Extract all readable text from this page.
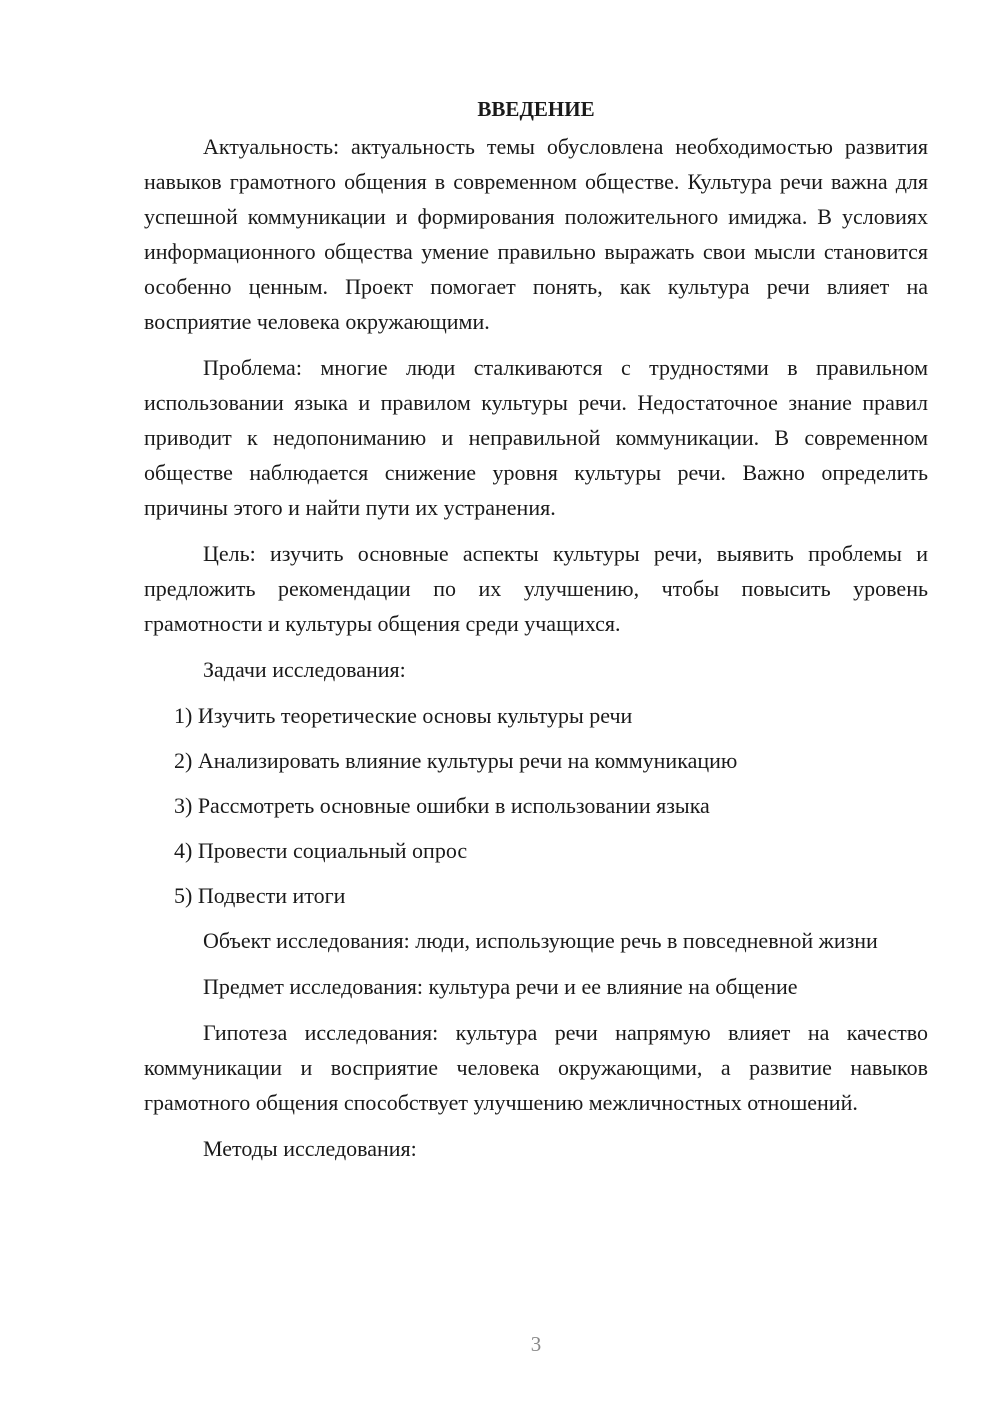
ВВЕДЕНИЕ

Актуальность: актуальность темы обусловлена необходимостью развития навыков грамотного общения в современном обществе. Культура речи важна для успешной коммуникации и формирования положительного имиджа. В условиях информационного общества умение правильно выражать свои мысли становится особенно ценным. Проект помогает понять, как культура речи влияет на восприятие человека окружающими.

Проблема: многие люди сталкиваются с трудностями в правильном использовании языка и правилом культуры речи. Недостаточное знание правил приводит к недопониманию и неправильной коммуникации. В современном обществе наблюдается снижение уровня культуры речи. Важно определить причины этого и найти пути их устранения.

Цель: изучить основные аспекты культуры речи, выявить проблемы и предложить рекомендации по их улучшению, чтобы повысить уровень грамотности и культуры общения среди учащихся.

Задачи исследования:
1) Изучить теоретические основы культуры речи
2) Анализировать влияние культуры речи на коммуникацию
3) Рассмотреть основные ошибки в использовании языка
4) Провести социальный опрос
5) Подвести итоги

Объект исследования: люди, использующие речь в повседневной жизни

Предмет исследования: культура речи и ее влияние на общение

Гипотеза исследования: культура речи напрямую влияет на качество коммуникации и восприятие человека окружающими, а развитие навыков грамотного общения способствует улучшению межличностных отношений.

Методы исследования:
3
